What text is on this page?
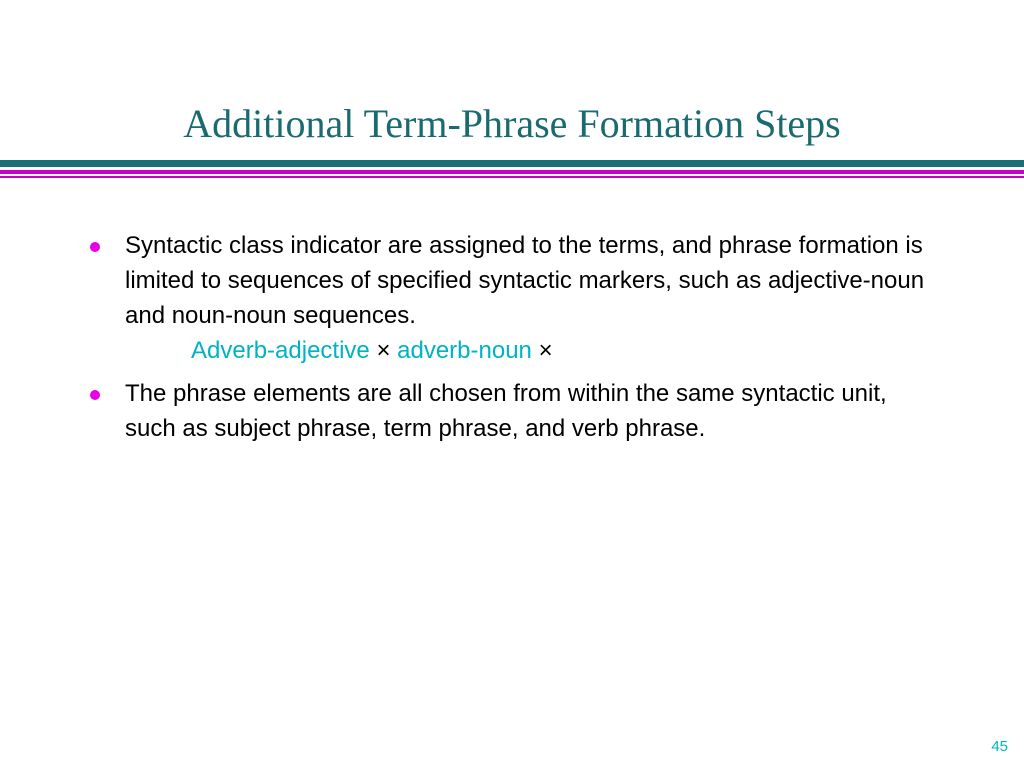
Additional Term-Phrase Formation Steps
Syntactic class indicator are assigned to the terms, and phrase formation is limited to sequences of specified syntactic markers, such as adjective-noun and noun-noun sequences.
Adverb-adjective × adverb-noun ×
The phrase elements are all chosen from within the same syntactic unit, such as subject phrase, term phrase, and verb phrase.
45
